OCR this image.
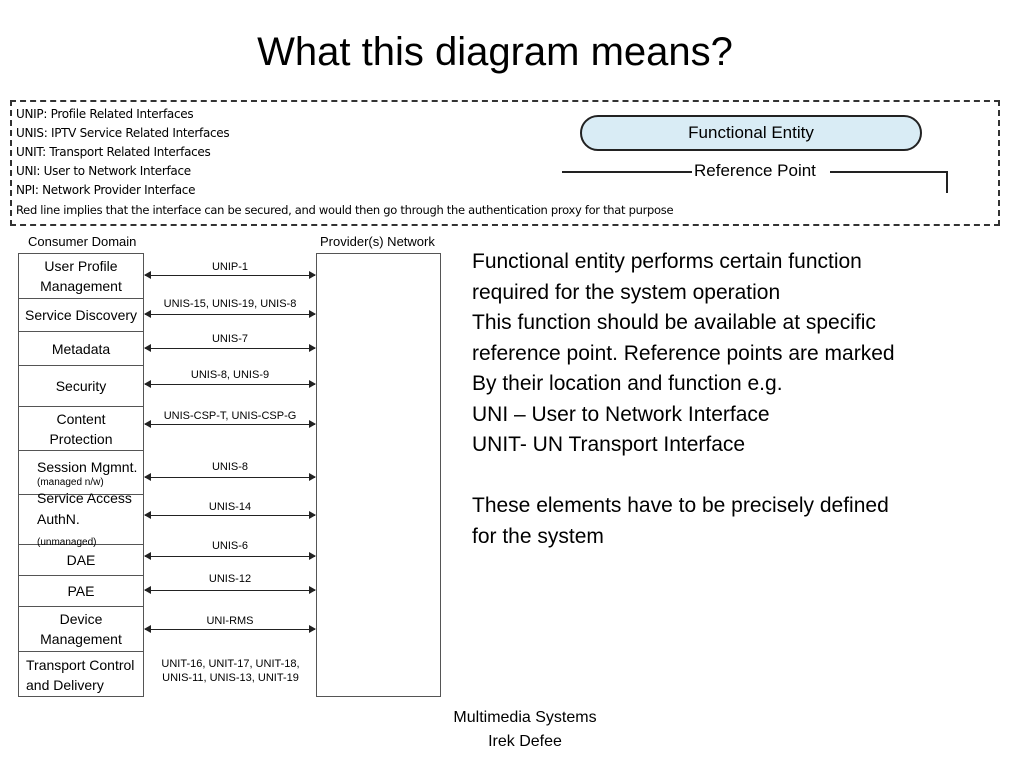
What this diagram means?
UNIP: Profile Related Interfaces
UNIS: IPTV Service Related Interfaces
UNIT: Transport Related Interfaces
UNI: User to Network Interface
NPI: Network Provider Interface
Red line implies that the interface can be secured, and would then go through the authentication proxy for that purpose
Functional Entity
Reference Point
Consumer Domain	Provider(s) Network
User Profile Management
Service Discovery
Metadata
Security
Content Protection
Session Mgmnt.
(managed n/w)
Service Access AuthN. (unmanaged)
DAE
PAE
Device Management
Transport Control and Delivery
UNIP-1
UNIS-15, UNIS-19, UNIS-8
UNIS-7
UNIS-8, UNIS-9
UNIS-CSP-T, UNIS-CSP-G
UNIS-8
UNIS-14
UNIS-6
UNIS-12
UNI-RMS
UNIT-16, UNIT-17, UNIT-18, UNIS-11, UNIS-13, UNIT-19

Functional entity performs certain function

required for the system operation

This function should be available at specific

reference point. Reference points are marked

By their location and function e.g.

UNI – User to Network Interface

UNIT- UN Transport Interface

These elements have to be precisely defined

for the system

Multimedia Systems
Irek Defee
